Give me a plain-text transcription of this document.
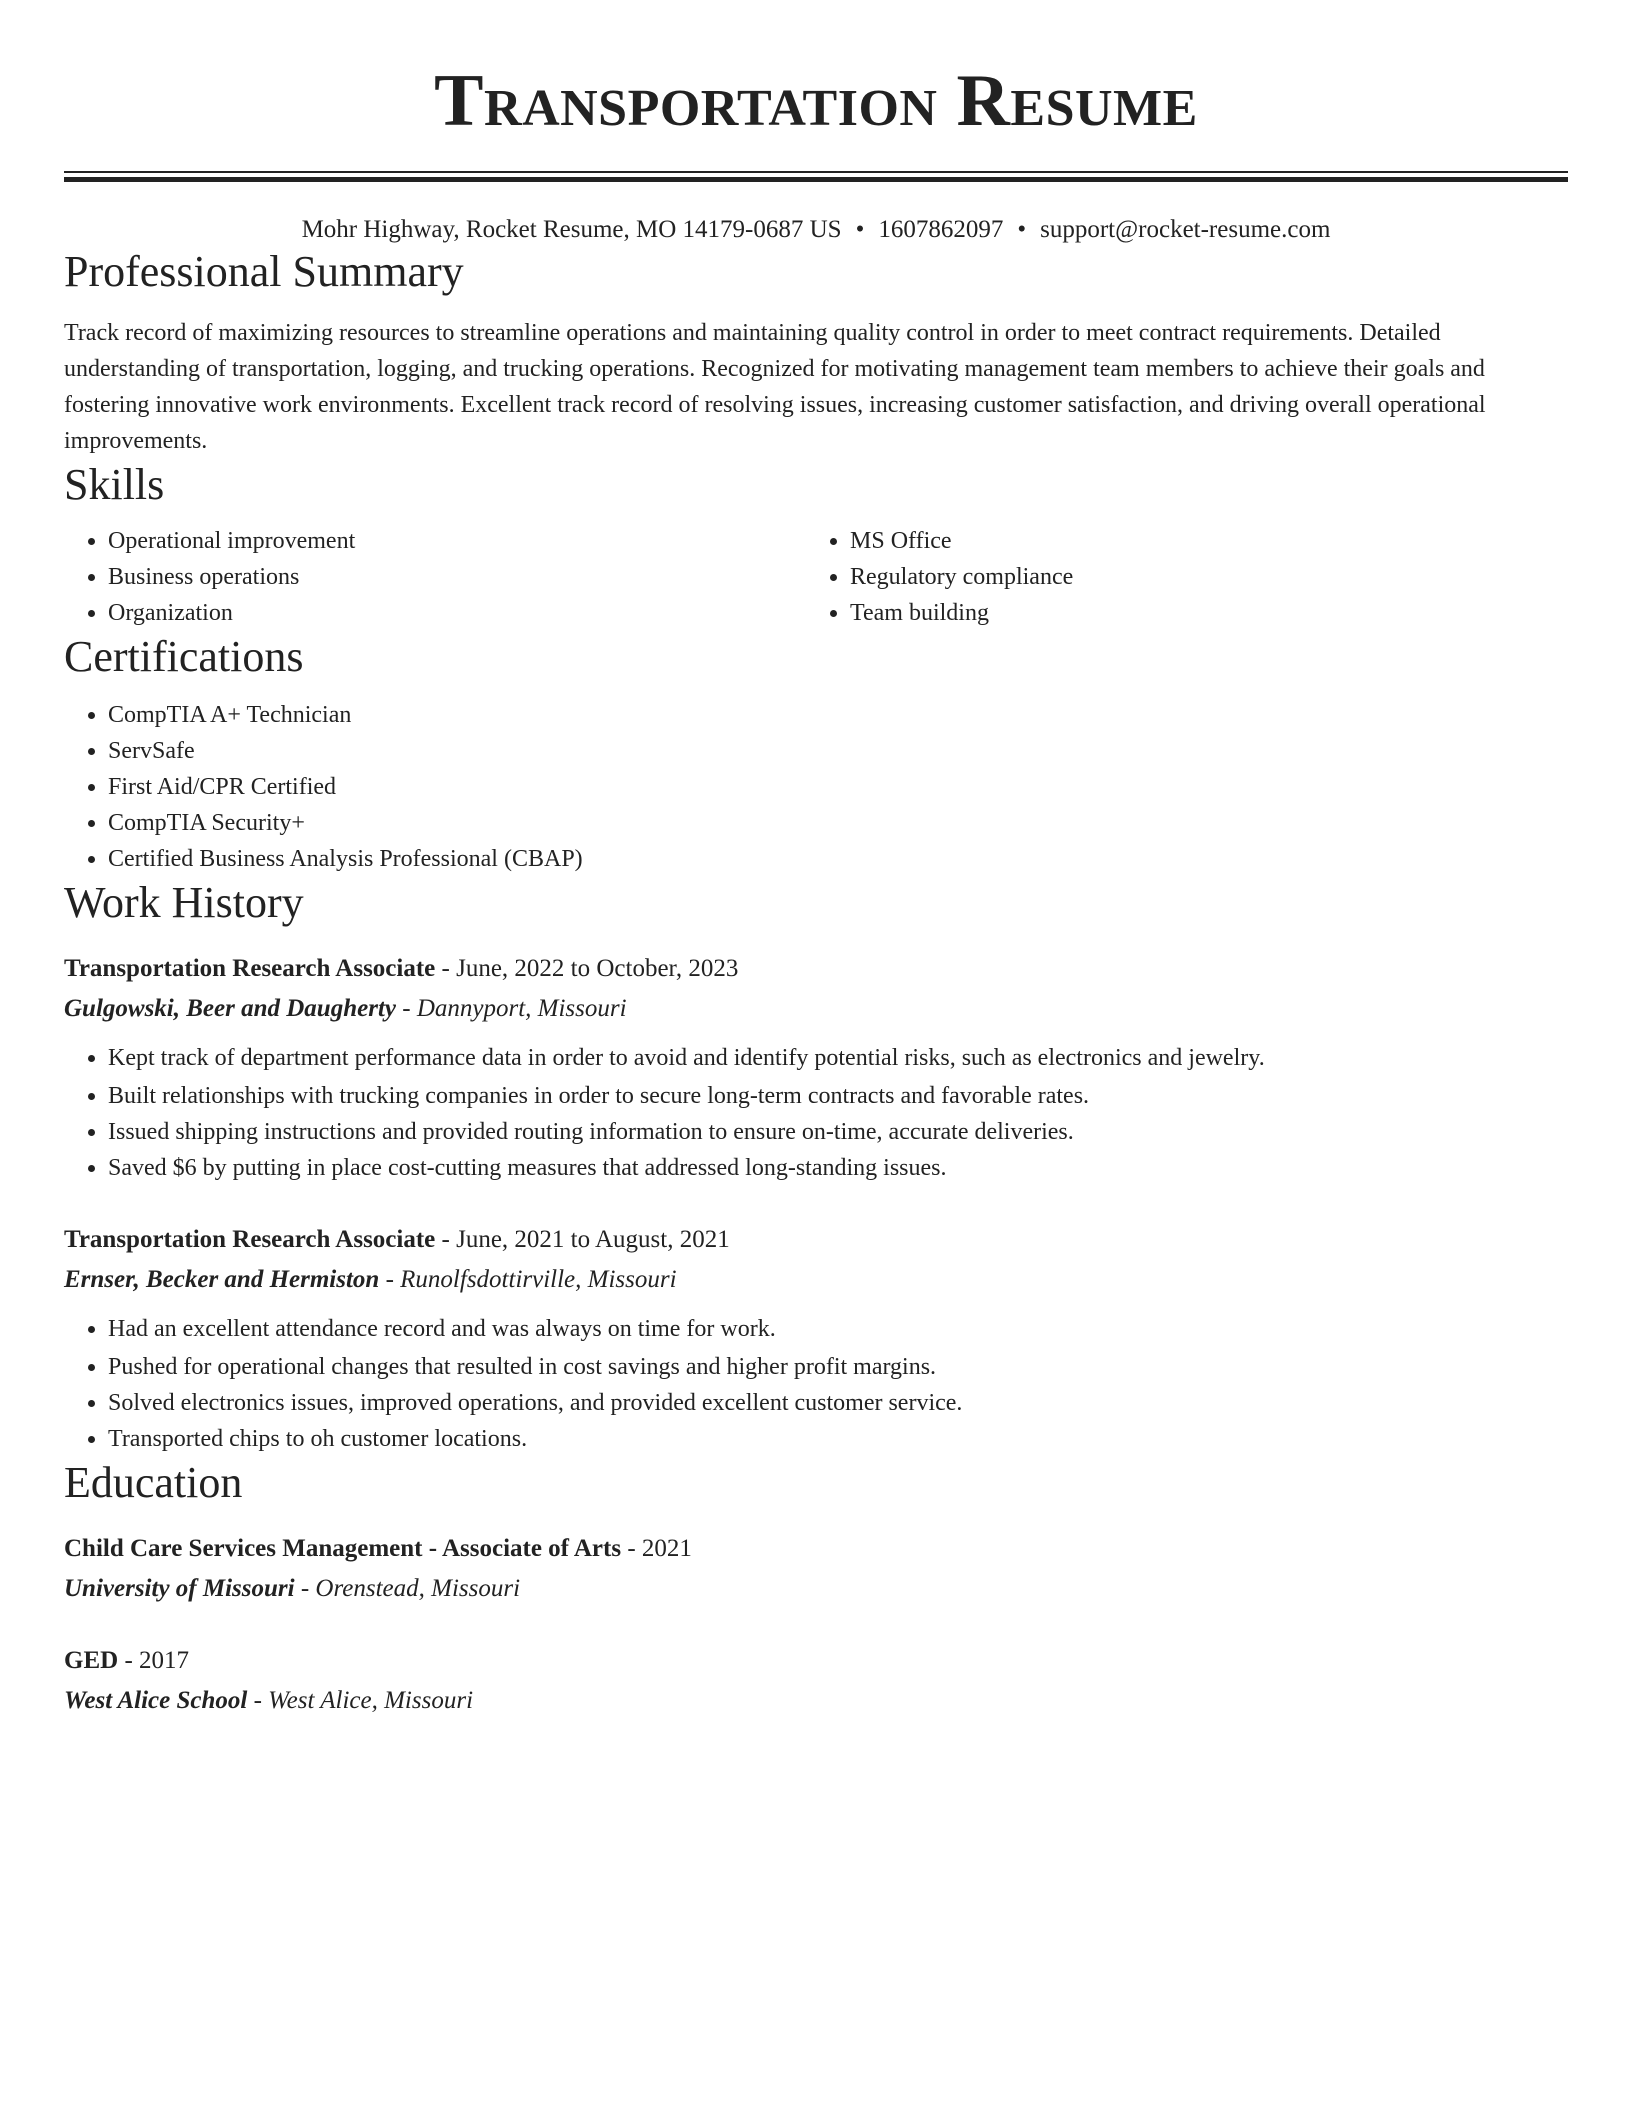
Transportation Resume
Mohr Highway, Rocket Resume, MO 14179-0687 US • 1607862097 • support@rocket-resume.com
Professional Summary

Track record of maximizing resources to streamline operations and maintaining quality control in order to meet contract requirements. Detailed understanding of transportation, logging, and trucking operations. Recognized for motivating management team members to achieve their goals and fostering innovative work environments. Excellent track record of resolving issues, increasing customer satisfaction, and driving overall operational improvements.

Skills
• Operational improvement
• Business operations
• Organization
• MS Office
• Regulatory compliance
• Team building
Certifications
• CompTIA A+ Technician
• ServSafe
• First Aid/CPR Certified
• CompTIA Security+
• Certified Business Analysis Professional (CBAP)
Work History
Transportation Research Associate - June, 2022 to October, 2023
Gulgowski, Beer and Daugherty - Dannyport, Missouri
• Kept track of department performance data in order to avoid and identify potential risks, such as electronics and jewelry.
• Built relationships with trucking companies in order to secure long-term contracts and favorable rates.
• Issued shipping instructions and provided routing information to ensure on-time, accurate deliveries.
• Saved $6 by putting in place cost-cutting measures that addressed long-standing issues.
Transportation Research Associate - June, 2021 to August, 2021
Ernser, Becker and Hermiston - Runolfsdottirville, Missouri
• Had an excellent attendance record and was always on time for work.
• Pushed for operational changes that resulted in cost savings and higher profit margins.
• Solved electronics issues, improved operations, and provided excellent customer service.
• Transported chips to oh customer locations.
Education
Child Care Services Management - Associate of Arts - 2021
University of Missouri - Orenstead, Missouri
GED - 2017
West Alice School - West Alice, Missouri
